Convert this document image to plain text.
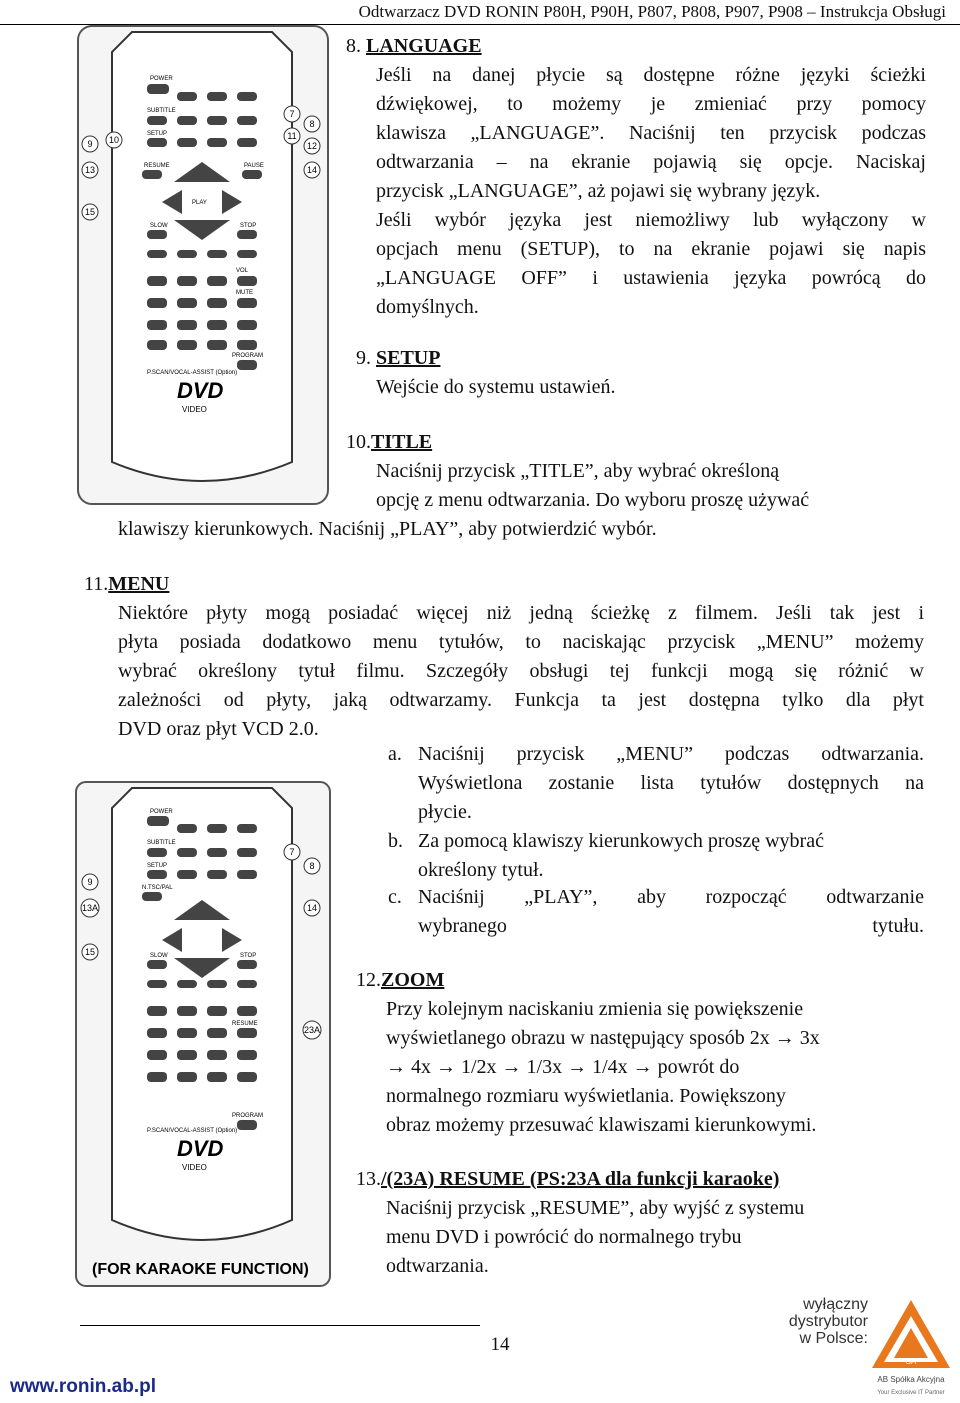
Odtwarzacz DVD RONIN P80H, P90H, P807, P808, P907, P908 – Instrukcja Obsługi
POWER
SUBTITLE
SETUP
RESUME	PAUSE
PLAY
SLOW	STOP
VOL
MUTE
PROGRAM
P.SCAN/VOCAL-ASSIST (Option)
DVD
VIDEO
7
8
9 10	11
12
13	14
15
8. LANGUAGE
Jeśli na danej płycie są dostępne różne języki ścieżki
dźwiękowej, to możemy je zmieniać przy pomocy
klawisza „LANGUAGE”. Naciśnij ten przycisk podczas
odtwarzania – na ekranie pojawią się opcje. Naciskaj
przycisk „LANGUAGE”, aż pojawi się wybrany język.
Jeśli wybór języka jest niemożliwy lub wyłączony w
opcjach menu (SETUP), to na ekranie pojawi się napis
„LANGUAGE OFF” i ustawienia języka powrócą do
domyślnych.
9. SETUP
Wejście do systemu ustawień.
10.TITLE
Naciśnij przycisk „TITLE”, aby wybrać określoną
opcję z menu odtwarzania. Do wyboru proszę używać
klawiszy kierunkowych. Naciśnij „PLAY”, aby potwierdzić wybór.
11.MENU
Niektóre płyty mogą posiadać więcej niż jedną ścieżkę z filmem. Jeśli tak jest i
płyta posiada dodatkowo menu tytułów, to naciskając przycisk „MENU” możemy
wybrać określony tytuł filmu. Szczegóły obsługi tej funkcji mogą się różnić w
zależności od płyty, jaką odtwarzamy. Funkcja ta jest dostępna tylko dla płyt
DVD oraz płyt VCD 2.0.
a. Naciśnij przycisk „MENU” podczas odtwarzania.
Wyświetlona zostanie lista tytułów dostępnych na
płycie.
b. Za pomocą klawiszy kierunkowych proszę wybrać
określony tytuł.
c. Naciśnij „PLAY”, aby rozpocząć odtwarzanie
wybranego tytułu.
POWER
SUBTITLE
SETUP
N.TSC/PAL
STOP
SLOW
RESUME
PROGRAM
P.SCAN/VOCAL-ASSIST (Option)
DVD
VIDEO
(FOR KARAOKE FUNCTION)
7
8
9
13A	14
15
23A
12.ZOOM
Przy kolejnym naciskaniu zmienia się powiększenie
wyświetlanego obrazu w następujący sposób 2x → 3x
→ 4x → 1/2x → 1/3x → 1/4x → powrót do
normalnego rozmiaru wyświetlania. Powiększony
obraz możemy przesuwać klawiszami kierunkowymi.
13./(23A) RESUME (PS:23A dla funkcji karaoke)
Naciśnij przycisk „RESUME”, aby wyjść z systemu
menu DVD i powrócić do normalnego trybu
odtwarzania.
14
www.ronin.ab.pl
wyłączny
dystrybutor
w Polsce:
SA
AB Spółka Akcyjna
Your Exclusive IT Partner
